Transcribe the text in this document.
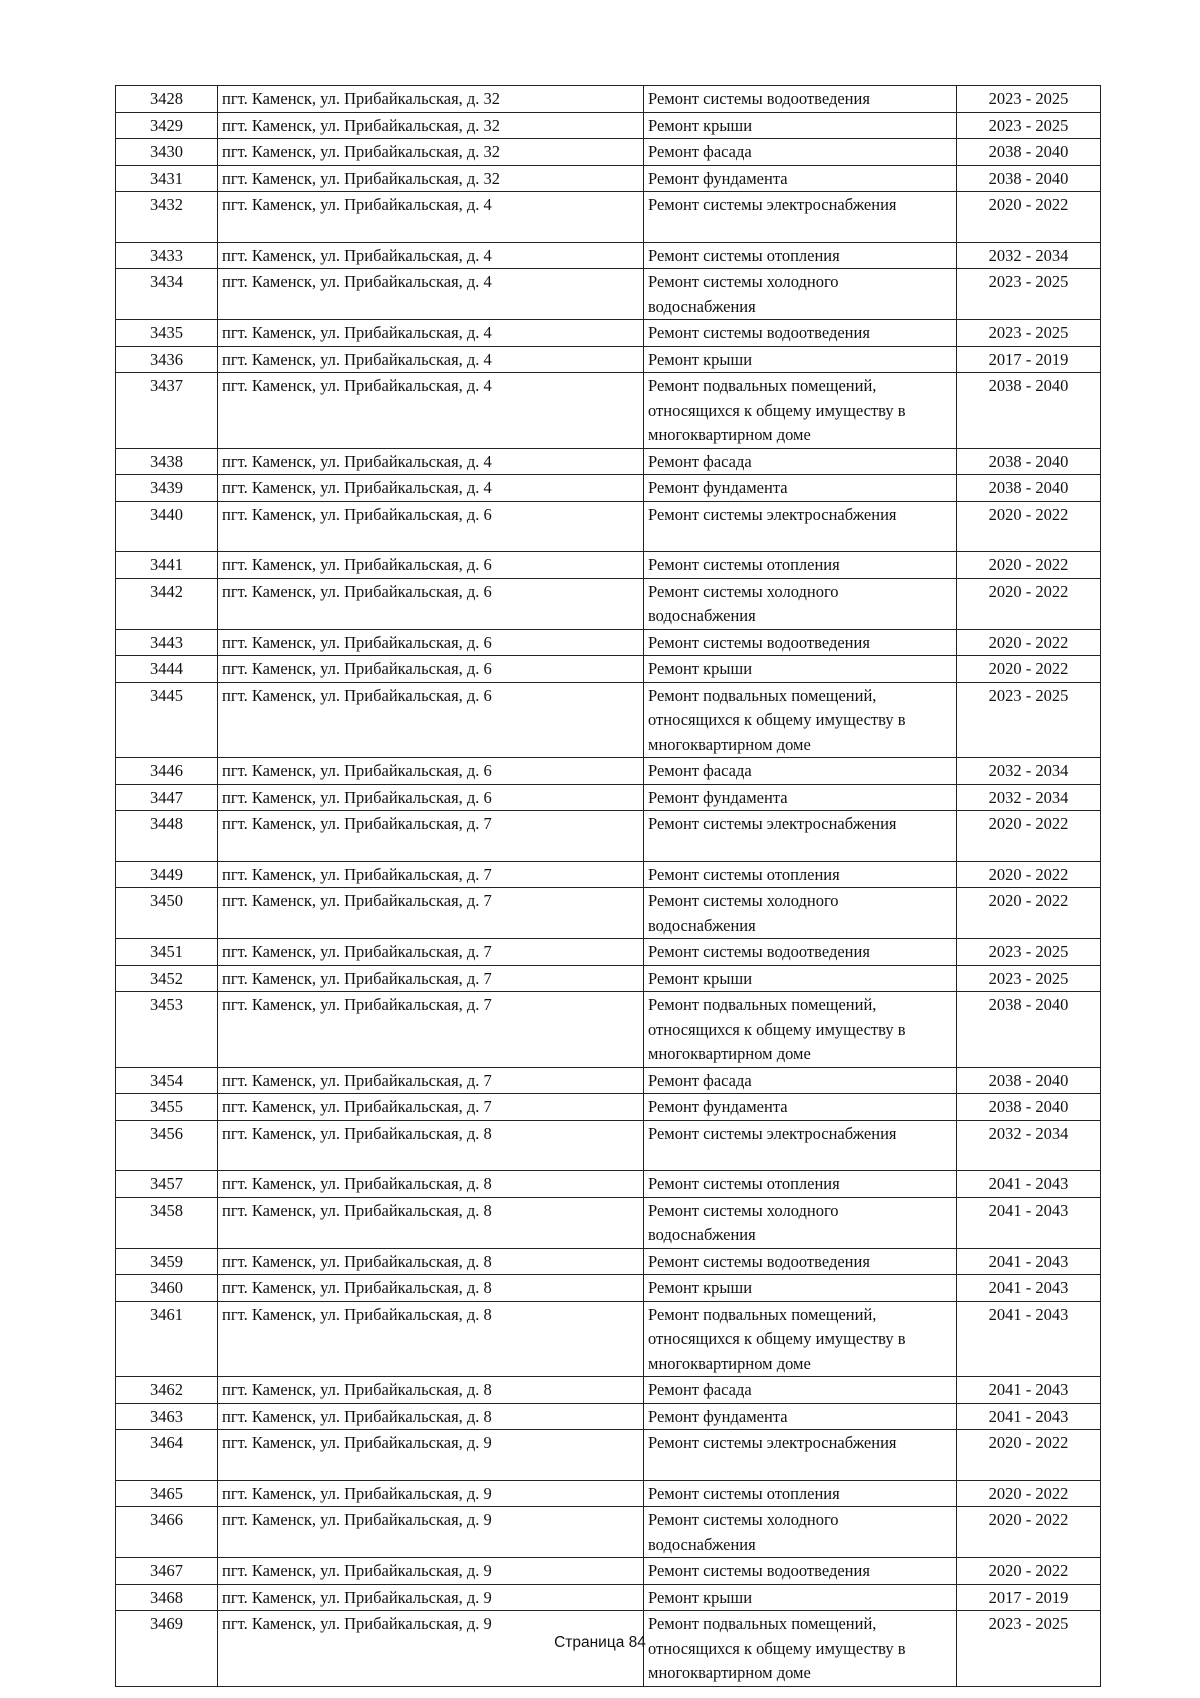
3428	пгт. Каменск, ул. Прибайкальская, д. 32	Ремонт системы водоотведения	2023 - 2025
3429	пгт. Каменск, ул. Прибайкальская, д. 32	Ремонт крыши	2023 - 2025
3430	пгт. Каменск, ул. Прибайкальская, д. 32	Ремонт фасада	2038 - 2040
3431	пгт. Каменск, ул. Прибайкальская, д. 32	Ремонт фундамента	2038 - 2040
3432	пгт. Каменск, ул. Прибайкальская, д. 4	Ремонт системы электроснабжения	2020 - 2022
3433	пгт. Каменск, ул. Прибайкальская, д. 4	Ремонт системы отопления	2032 - 2034
3434	пгт. Каменск, ул. Прибайкальская, д. 4	Ремонт системы холодного водоснабжения	2023 - 2025
3435	пгт. Каменск, ул. Прибайкальская, д. 4	Ремонт системы водоотведения	2023 - 2025
3436	пгт. Каменск, ул. Прибайкальская, д. 4	Ремонт крыши	2017 - 2019
3437	пгт. Каменск, ул. Прибайкальская, д. 4	Ремонт подвальных помещений, относящихся к общему имуществу в многоквартирном доме	2038 - 2040
3438	пгт. Каменск, ул. Прибайкальская, д. 4	Ремонт фасада	2038 - 2040
3439	пгт. Каменск, ул. Прибайкальская, д. 4	Ремонт фундамента	2038 - 2040
3440	пгт. Каменск, ул. Прибайкальская, д. 6	Ремонт системы электроснабжения	2020 - 2022
3441	пгт. Каменск, ул. Прибайкальская, д. 6	Ремонт системы отопления	2020 - 2022
3442	пгт. Каменск, ул. Прибайкальская, д. 6	Ремонт системы холодного водоснабжения	2020 - 2022
3443	пгт. Каменск, ул. Прибайкальская, д. 6	Ремонт системы водоотведения	2020 - 2022
3444	пгт. Каменск, ул. Прибайкальская, д. 6	Ремонт крыши	2020 - 2022
3445	пгт. Каменск, ул. Прибайкальская, д. 6	Ремонт подвальных помещений, относящихся к общему имуществу в многоквартирном доме	2023 - 2025
3446	пгт. Каменск, ул. Прибайкальская, д. 6	Ремонт фасада	2032 - 2034
3447	пгт. Каменск, ул. Прибайкальская, д. 6	Ремонт фундамента	2032 - 2034
3448	пгт. Каменск, ул. Прибайкальская, д. 7	Ремонт системы электроснабжения	2020 - 2022
3449	пгт. Каменск, ул. Прибайкальская, д. 7	Ремонт системы отопления	2020 - 2022
3450	пгт. Каменск, ул. Прибайкальская, д. 7	Ремонт системы холодного водоснабжения	2020 - 2022
3451	пгт. Каменск, ул. Прибайкальская, д. 7	Ремонт системы водоотведения	2023 - 2025
3452	пгт. Каменск, ул. Прибайкальская, д. 7	Ремонт крыши	2023 - 2025
3453	пгт. Каменск, ул. Прибайкальская, д. 7	Ремонт подвальных помещений, относящихся к общему имуществу в многоквартирном доме	2038 - 2040
3454	пгт. Каменск, ул. Прибайкальская, д. 7	Ремонт фасада	2038 - 2040
3455	пгт. Каменск, ул. Прибайкальская, д. 7	Ремонт фундамента	2038 - 2040
3456	пгт. Каменск, ул. Прибайкальская, д. 8	Ремонт системы электроснабжения	2032 - 2034
3457	пгт. Каменск, ул. Прибайкальская, д. 8	Ремонт системы отопления	2041 - 2043
3458	пгт. Каменск, ул. Прибайкальская, д. 8	Ремонт системы холодного водоснабжения	2041 - 2043
3459	пгт. Каменск, ул. Прибайкальская, д. 8	Ремонт системы водоотведения	2041 - 2043
3460	пгт. Каменск, ул. Прибайкальская, д. 8	Ремонт крыши	2041 - 2043
3461	пгт. Каменск, ул. Прибайкальская, д. 8	Ремонт подвальных помещений, относящихся к общему имуществу в многоквартирном доме	2041 - 2043
3462	пгт. Каменск, ул. Прибайкальская, д. 8	Ремонт фасада	2041 - 2043
3463	пгт. Каменск, ул. Прибайкальская, д. 8	Ремонт фундамента	2041 - 2043
3464	пгт. Каменск, ул. Прибайкальская, д. 9	Ремонт системы электроснабжения	2020 - 2022
3465	пгт. Каменск, ул. Прибайкальская, д. 9	Ремонт системы отопления	2020 - 2022
3466	пгт. Каменск, ул. Прибайкальская, д. 9	Ремонт системы холодного водоснабжения	2020 - 2022
3467	пгт. Каменск, ул. Прибайкальская, д. 9	Ремонт системы водоотведения	2020 - 2022
3468	пгт. Каменск, ул. Прибайкальская, д. 9	Ремонт крыши	2017 - 2019
3469	пгт. Каменск, ул. Прибайкальская, д. 9	Ремонт подвальных помещений, относящихся к общему имуществу в многоквартирном доме	2023 - 2025
Страница 84
